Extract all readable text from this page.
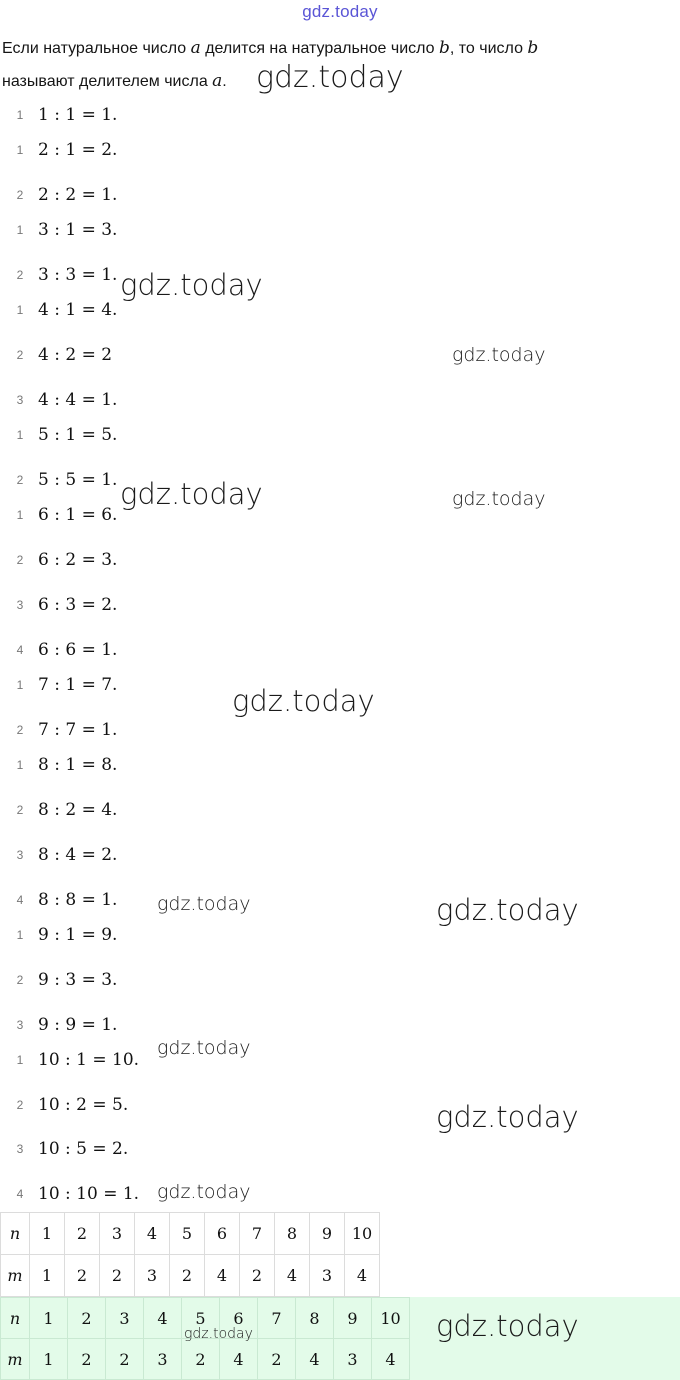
gdz.today
Если натуральное число a делится на натуральное число b, то число b
называют делителем числа a.
1 1 : 1 = 1.
1 2 : 1 = 2.
2 2 : 2 = 1.
1 3 : 1 = 3.
2 3 : 3 = 1.
1 4 : 1 = 4.
2 4 : 2 = 2
3 4 : 4 = 1.
1 5 : 1 = 5.
2 5 : 5 = 1.
1 6 : 1 = 6.
2 6 : 2 = 3.
3 6 : 3 = 2.
4 6 : 6 = 1.
1 7 : 1 = 7.
2 7 : 7 = 1.
1 8 : 1 = 8.
2 8 : 2 = 4.
3 8 : 4 = 2.
4 8 : 8 = 1.
1 9 : 1 = 9.
2 9 : 3 = 3.
3 9 : 9 = 1.
1 10 : 1 = 10.
2 10 : 2 = 5.
3 10 : 5 = 2.
4 10 : 10 = 1.
n	1	2	3	4	5	6	7	8	9	10
m	1	2	2	3	2	4	2	4	3	4
n	1	2	3	4	5	6	7	8	9	10
m	1	2	2	3	2	4	2	4	3	4
gdz.today
gdz.today
gdz.today
gdz.today	gdz.today
gdz.today
gdz.today	gdz.today
gdz.today
gdz.today
gdz.today
gdz.today
gdz.today
